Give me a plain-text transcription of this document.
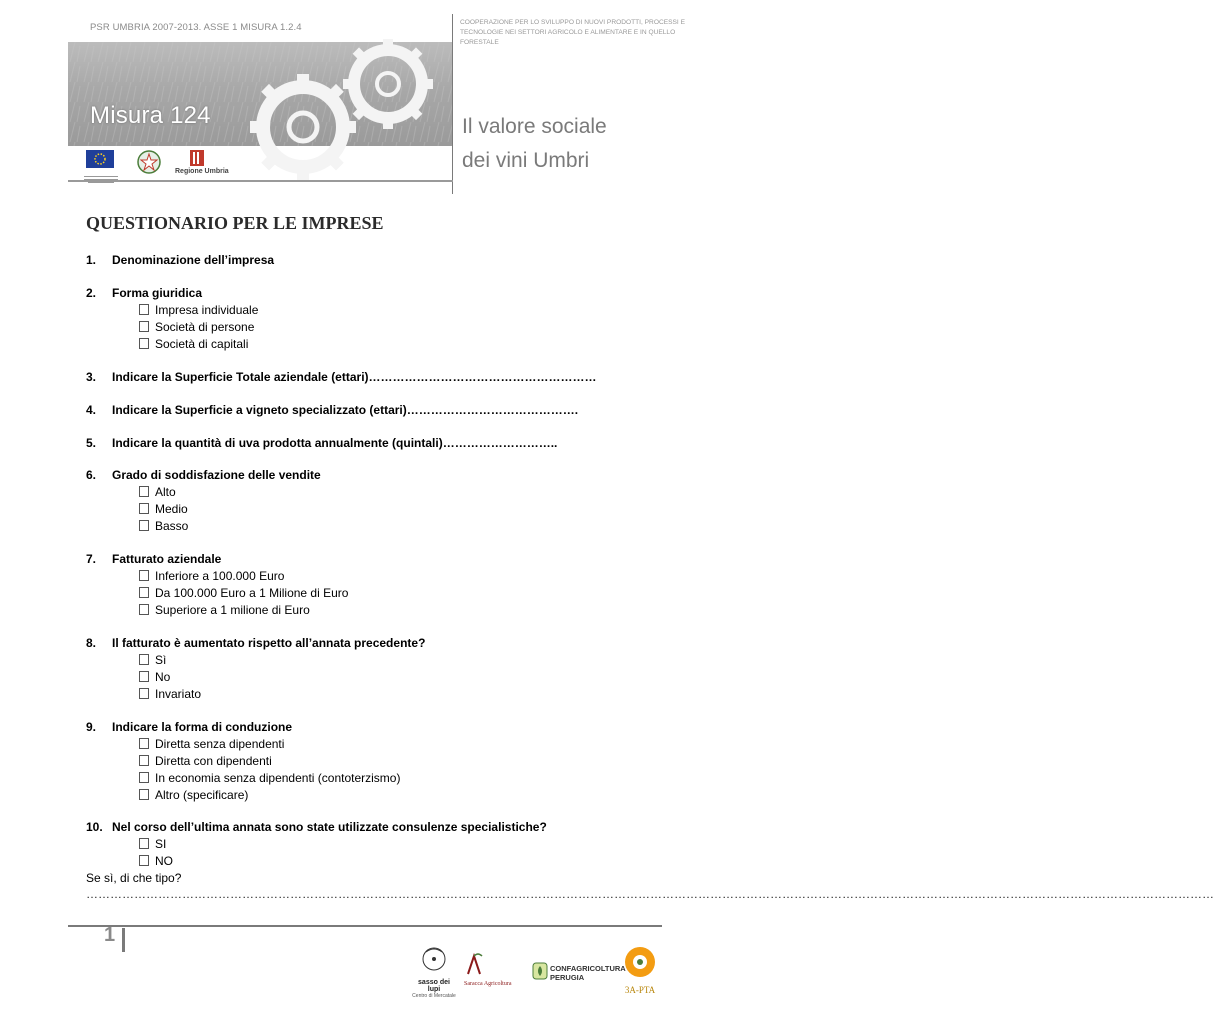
PSR UMBRIA 2007-2013. ASSE 1 MISURA 1.2.4	COOPERAZIONE PER LO SVILUPPO DI NUOVI PRODOTTI, PROCESSI E TECNOLOGIE NEI SETTORI AGRICOLO E ALIMENTARE E IN QUELLO FORESTALE
Misura 124
Regione Umbria
Il valore sociale
dei vini Umbri
QUESTIONARIO PER LE IMPRESE
1. Denominazione dell’impresa
2. Forma giuridica
Impresa individuale
Società di persone
Società di capitali
3. Indicare la Superficie Totale aziendale (ettari)…………………………………………………
4. Indicare la Superficie a vigneto specializzato (ettari)…………………………………….
5. Indicare la quantità di uva prodotta annualmente (quintali)………………………..
6. Grado di soddisfazione delle vendite
Alto
Medio
Basso
7. Fatturato aziendale
Inferiore a 100.000 Euro
Da 100.000 Euro a 1 Milione di Euro
Superiore a 1 milione di Euro
8. Il fatturato è aumentato rispetto all’annata precedente?
Sì
No
Invariato
9. Indicare la forma di conduzione
Diretta senza dipendenti
Diretta con dipendenti
In economia senza dipendenti (contoterzismo)
Altro (specificare)
10. Nel corso dell’ultima annata sono state utilizzate consulenze specialistiche?
SI
NO
Se sì, di che tipo?
…………………………………………………………………………………………………………………………………………………………………………………………………………………………………………………………
1
sasso dei lupi
Centro di Mercatale
Saracca Agricoltura
CONFAGRICOLTURA PERUGIA
3A-PTA
